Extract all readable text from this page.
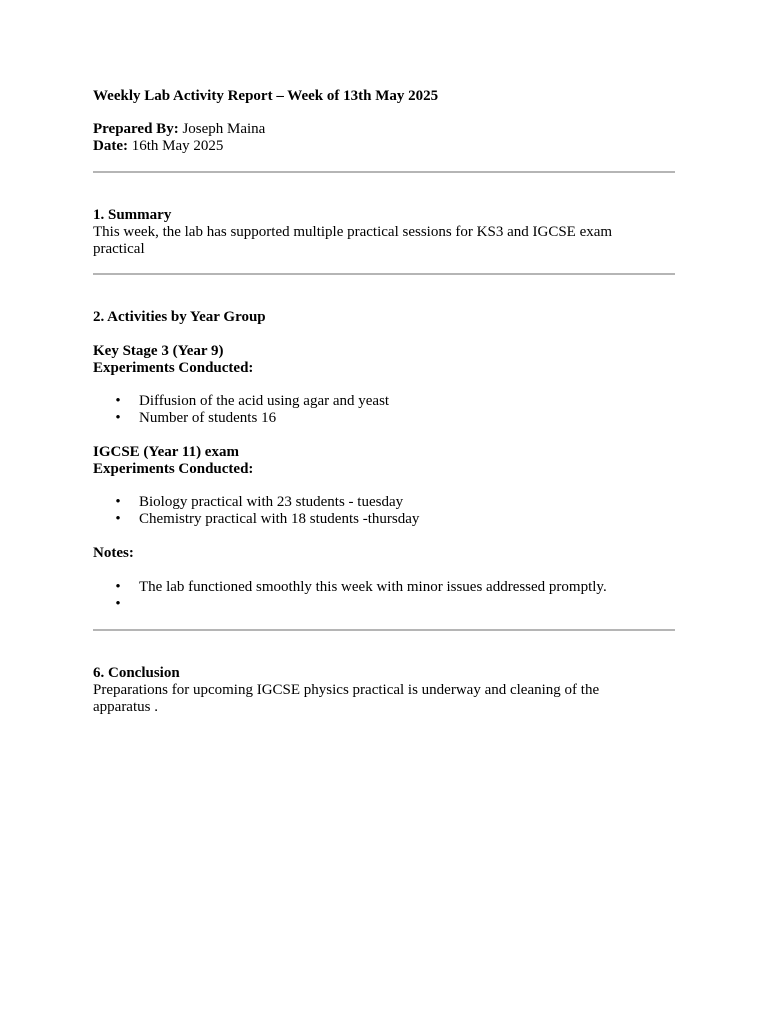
Weekly Lab Activity Report – Week of 13th May 2025

Prepared By: Joseph Maina

Date: 16th May 2025

1. Summary

This week, the lab has supported multiple practical sessions for KS3 and IGCSE exam practical

2. Activities by Year Group

Key Stage 3 (Year 9)

Experiments Conducted:

• Diffusion of the acid using agar and yeast
• Number of students 16

IGCSE (Year 11) exam

Experiments Conducted:

• Biology practical with 23 students - tuesday
• Chemistry practical with 18 students -thursday

Notes:

• The lab functioned smoothly this week with minor issues addressed promptly.
•

6. Conclusion

Preparations for upcoming IGCSE physics practical is underway and cleaning of the apparatus .
